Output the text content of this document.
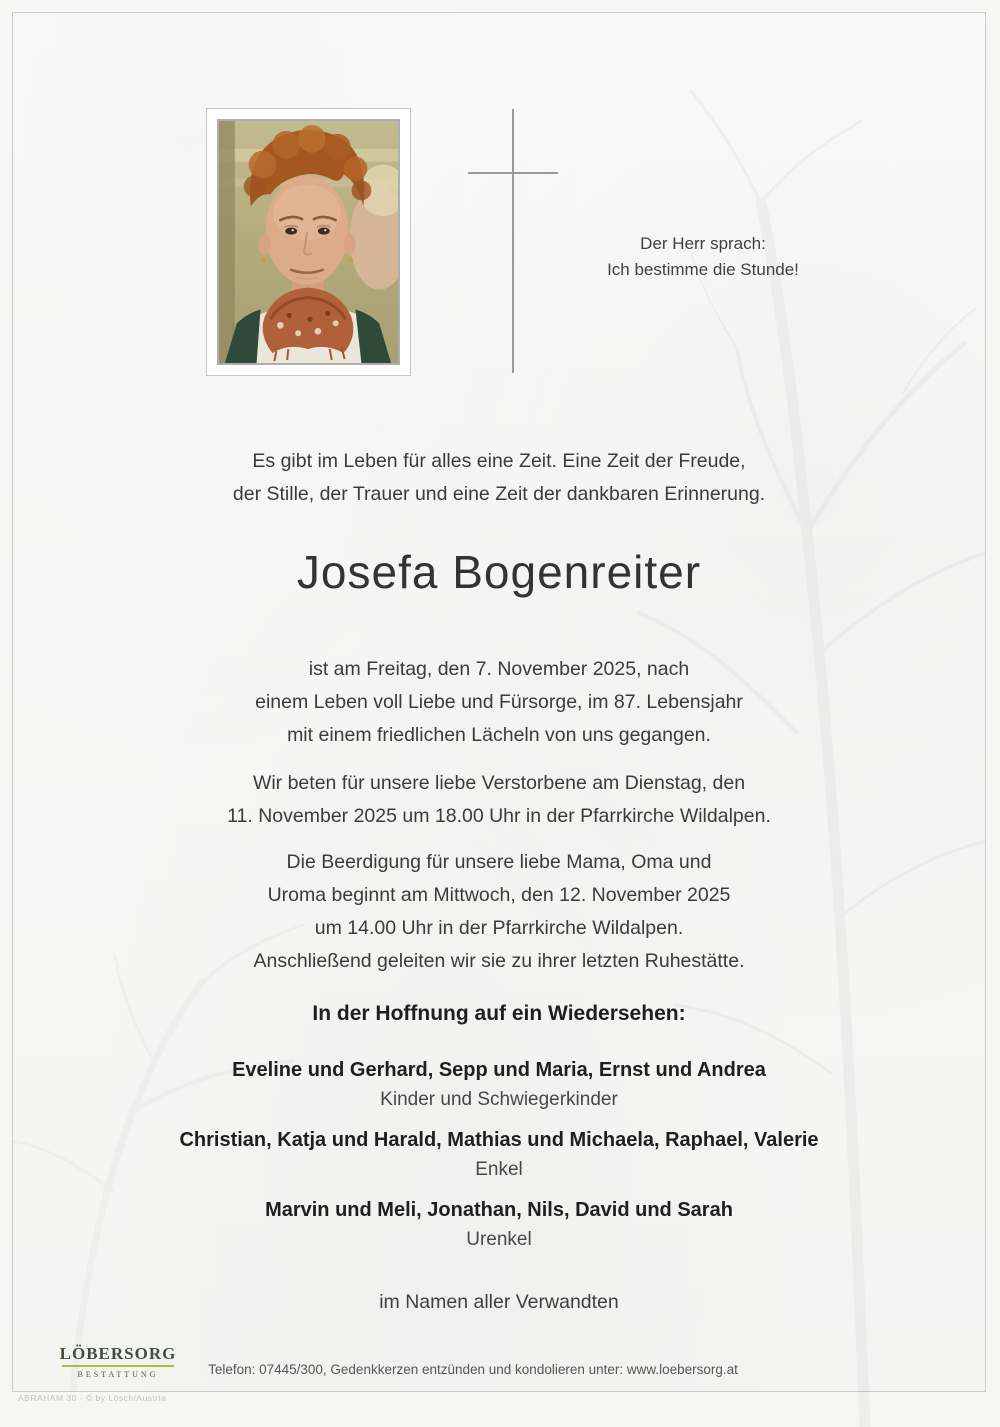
Der Herr sprach:
Ich bestimme die Stunde!
Es gibt im Leben für alles eine Zeit. Eine Zeit der Freude,
der Stille, der Trauer und eine Zeit der dankbaren Erinnerung.
Josefa Bogenreiter
ist am Freitag, den 7. November 2025, nach
einem Leben voll Liebe und Fürsorge, im 87. Lebensjahr
mit einem friedlichen Lächeln von uns gegangen.
Wir beten für unsere liebe Verstorbene am Dienstag, den
11. November 2025 um 18.00 Uhr in der Pfarrkirche Wildalpen.
Die Beerdigung für unsere liebe Mama, Oma und
Uroma beginnt am Mittwoch, den 12. November 2025
um 14.00 Uhr in der Pfarrkirche Wildalpen.
Anschließend geleiten wir sie zu ihrer letzten Ruhestätte.
In der Hoffnung auf ein Wiedersehen:
Eveline und Gerhard, Sepp und Maria, Ernst und Andrea
Kinder und Schwiegerkinder
Christian, Katja und Harald, Mathias und Michaela, Raphael, Valerie
Enkel
Marvin und Meli, Jonathan, Nils, David und Sarah
Urenkel
im Namen aller Verwandten
LÖBERSORG
BESTATTUNG	Telefon: 07445/300, Gedenkkerzen entzünden und kondolieren unter: www.loebersorg.at
ABRAHAM 30 - © by Lösch/Austria
